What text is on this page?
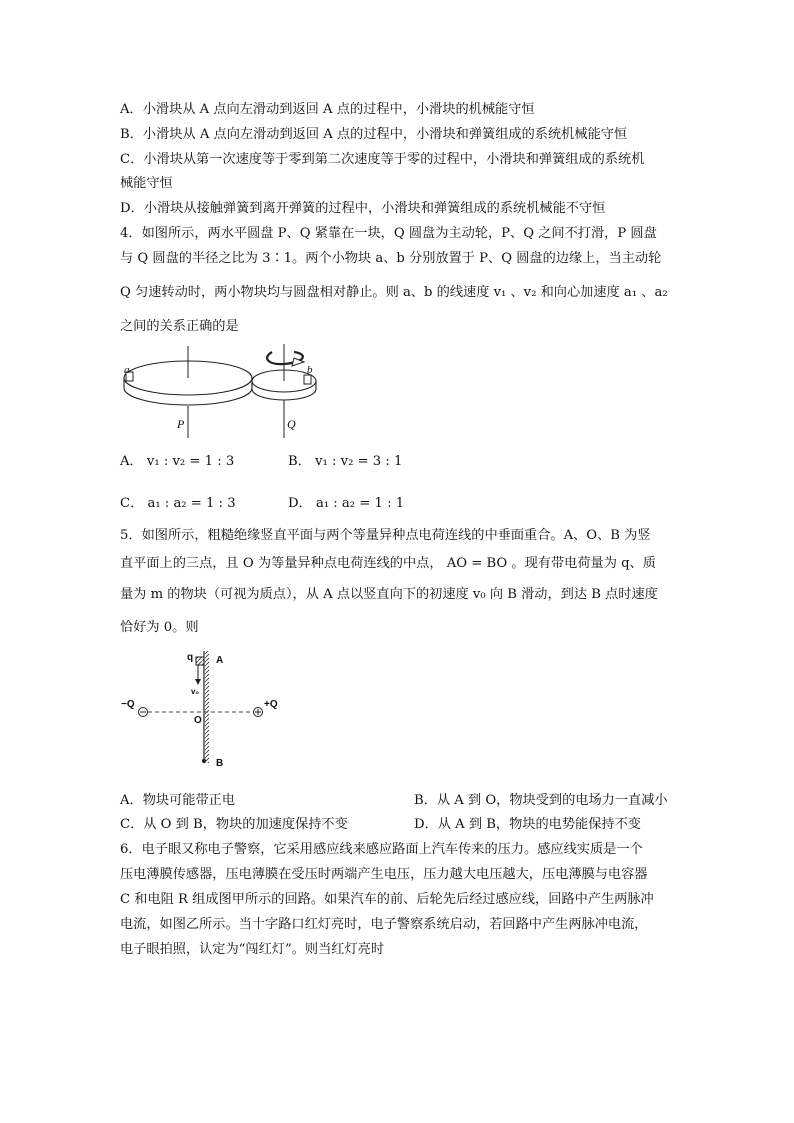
A．小滑块从 A 点向左滑动到返回 A 点的过程中，小滑块的机械能守恒
B．小滑块从 A 点向左滑动到返回 A 点的过程中，小滑块和弹簧组成的系统机械能守恒
C．小滑块从第一次速度等于零到第二次速度等于零的过程中，小滑块和弹簧组成的系统机
械能守恒
D．小滑块从接触弹簧到离开弹簧的过程中，小滑块和弹簧组成的系统机械能不守恒
4．如图所示，两水平圆盘 P、Q 紧靠在一块，Q 圆盘为主动轮，P、Q 之间不打滑，P 圆盘
与 Q 圆盘的半径之比为 3∶1。两个小物块 a、b 分别放置于 P、Q 圆盘的边缘上，当主动轮
Q 匀速转动时，两小物块均与圆盘相对静止。则 a、b 的线速度 v₁ 、v₂ 和向心加速度 a₁ 、a₂
之间的关系正确的是
a	b
P	Q
A． v₁ : v₂ = 1 : 3	B． v₁ : v₂ = 3 : 1
C． a₁ : a₂ = 1 : 3	D． a₁ : a₂ = 1 : 1
5．如图所示，粗糙绝缘竖直平面与两个等量异种点电荷连线的中垂面重合。A、O、B 为竖
直平面上的三点，且 O 为等量异种点电荷连线的中点， AO = BO 。现有带电荷量为 q、质
量为 m 的物块（可视为质点），从 A 点以竖直向下的初速度 v₀ 向 B 滑动，到达 B 点时速度
恰好为 0。则
q A
v₀
−Q	+Q
O
B
A．物块可能带正电	B．从 A 到 O，物块受到的电场力一直减小
C．从 O 到 B，物块的加速度保持不变	D．从 A 到 B，物块的电势能保持不变
6．电子眼又称电子警察，它采用感应线来感应路面上汽车传来的压力。感应线实质是一个
压电薄膜传感器，压电薄膜在受压时两端产生电压，压力越大电压越大，压电薄膜与电容器
C 和电阻 R 组成图甲所示的回路。如果汽车的前、后轮先后经过感应线，回路中产生两脉冲
电流，如图乙所示。当十字路口红灯亮时，电子警察系统启动，若回路中产生两脉冲电流，
电子眼拍照，认定为“闯红灯”。则当红灯亮时
